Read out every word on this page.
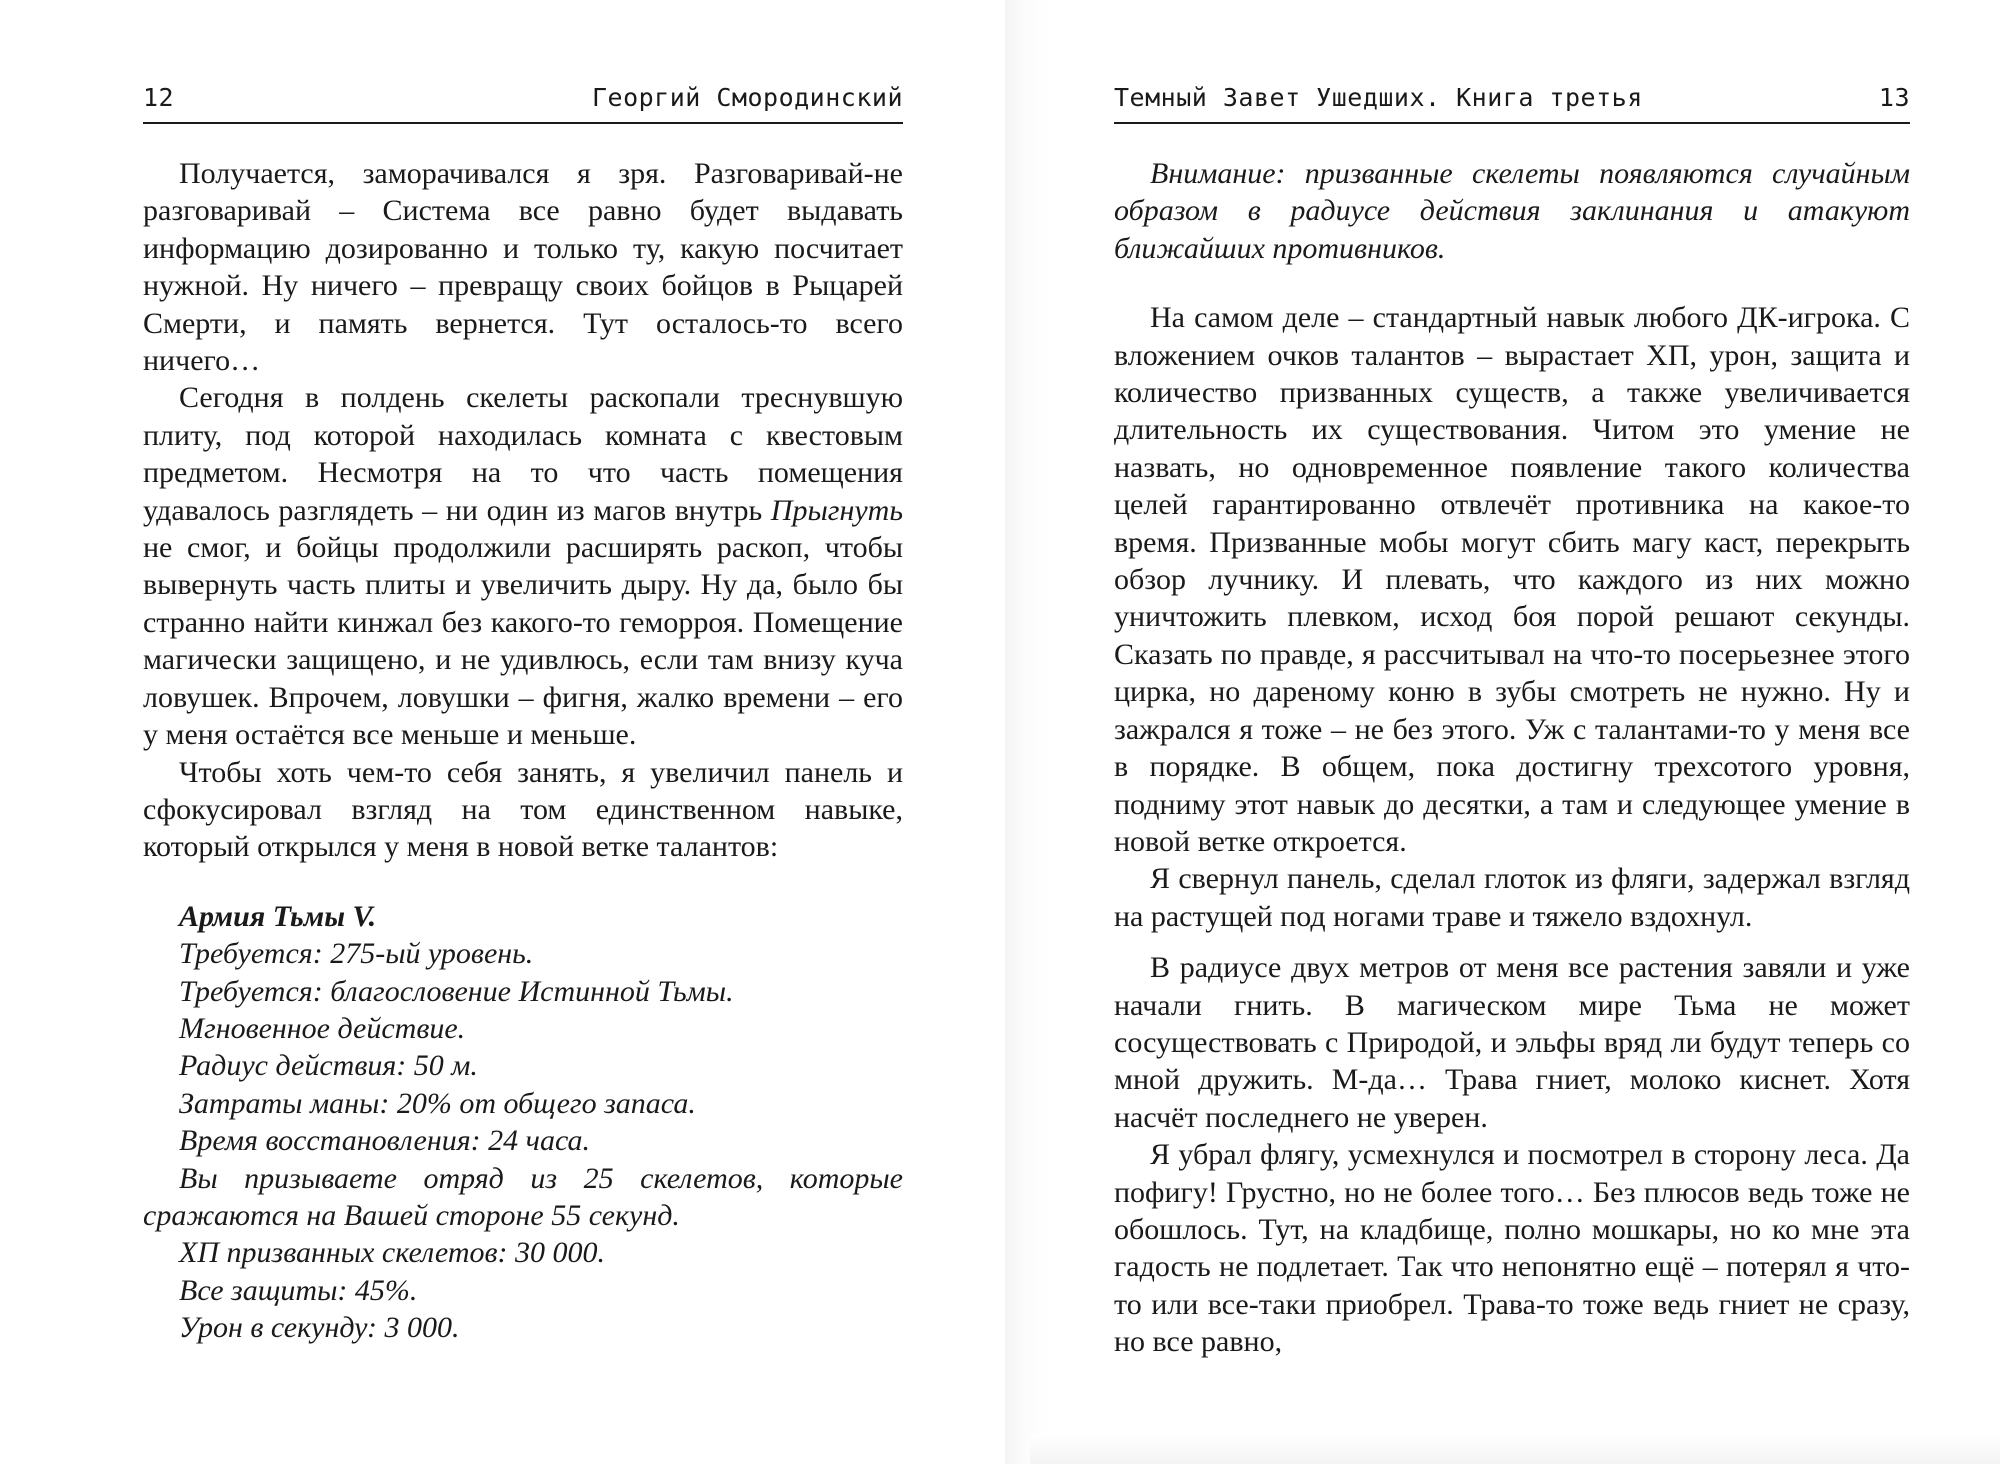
12	Георгий Смородинский

Получается, заморачивался я зря. Разговаривай-не разговаривай – Система все равно будет выдавать информацию дозированно и только ту, какую посчитает нужной. Ну ничего – превращу своих бойцов в Рыцарей Смерти, и память вернется. Тут осталось-то всего ничего…

Сегодня в полдень скелеты раскопали треснувшую плиту, под которой находилась комната с квестовым предметом. Несмотря на то что часть помещения удавалось разглядеть – ни один из магов внутрь Прыгнуть не смог, и бойцы продолжили расширять раскоп, чтобы вывернуть часть плиты и увеличить дыру. Ну да, было бы странно найти кинжал без какого-то геморроя. Помещение магически защищено, и не удивлюсь, если там внизу куча ловушек. Впрочем, ловушки – фигня, жалко времени – его у меня остаётся все меньше и меньше.

Чтобы хоть чем-то себя занять, я увеличил панель и сфокусировал взгляд на том единственном навыке, который открылся у меня в новой ветке талантов:

Армия Тьмы V.

Требуется: 275-ый уровень.

Требуется: благословение Истинной Тьмы.

Мгновенное действие.

Радиус действия: 50 м.

Затраты маны: 20% от общего запаса.

Время восстановления: 24 часа.

Вы призываете отряд из 25 скелетов, которые сражаются на Вашей стороне 55 секунд.

ХП призванных скелетов: 30 000.

Все защиты: 45%.

Урон в секунду: 3 000.

Темный Завет Ушедших. Книга третья	13

Внимание: призванные скелеты появляются случайным образом в радиусе действия заклинания и атакуют ближайших противников.

На самом деле – стандартный навык любого ДК-игрока. С вложением очков талантов – вырастает ХП, урон, защита и количество призванных существ, а также увеличивается длительность их существования. Читом это умение не назвать, но одновременное появление такого количества целей гарантированно отвлечёт противника на какое-то время. Призванные мобы могут сбить магу каст, перекрыть обзор лучнику. И плевать, что каждого из них можно уничтожить плевком, исход боя порой решают секунды. Сказать по правде, я рассчитывал на что-то посерьезнее этого цирка, но дареному коню в зубы смотреть не нужно. Ну и зажрался я тоже – не без этого. Уж с талантами-то у меня все в порядке. В общем, пока достигну трехсотого уровня, подниму этот навык до десятки, а там и следующее умение в новой ветке откроется.

Я свернул панель, сделал глоток из фляги, задержал взгляд на растущей под ногами траве и тяжело вздохнул.

В радиусе двух метров от меня все растения завяли и уже начали гнить. В магическом мире Тьма не может сосуществовать с Природой, и эльфы вряд ли будут теперь со мной дружить. М-да… Трава гниет, молоко киснет. Хотя насчёт последнего не уверен.

Я убрал флягу, усмехнулся и посмотрел в сторону леса. Да пофигу! Грустно, но не более того… Без плюсов ведь тоже не обошлось. Тут, на кладбище, полно мошкары, но ко мне эта гадость не подлетает. Так что непонятно ещё – потерял я что-то или все-таки приобрел. Трава-то тоже ведь гниет не сразу, но все равно,
